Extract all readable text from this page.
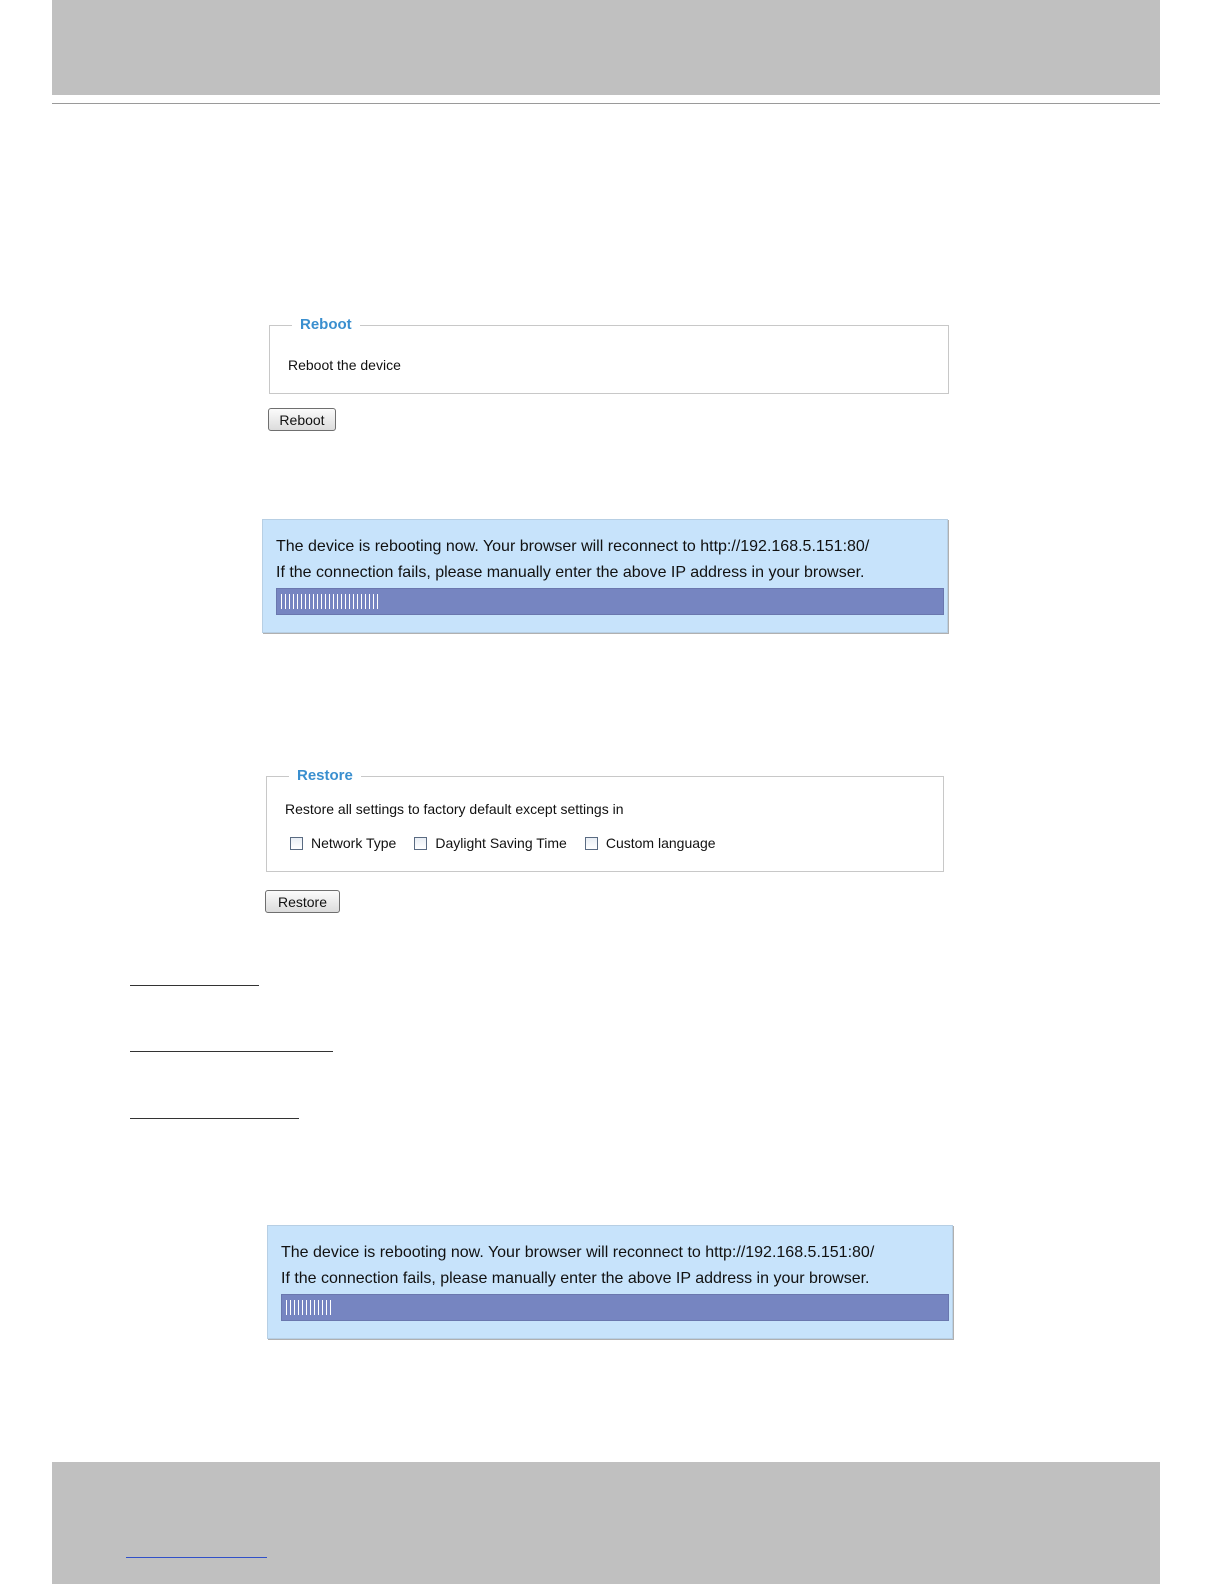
Reboot
Reboot the device
Reboot
The device is rebooting now. Your browser will reconnect to http://192.168.5.151:80/
If the connection fails, please manually enter the above IP address in your browser.
Restore
Restore all settings to factory default except settings in
Network Type	Daylight Saving Time	Custom language
Restore
The device is rebooting now. Your browser will reconnect to http://192.168.5.151:80/
If the connection fails, please manually enter the above IP address in your browser.
